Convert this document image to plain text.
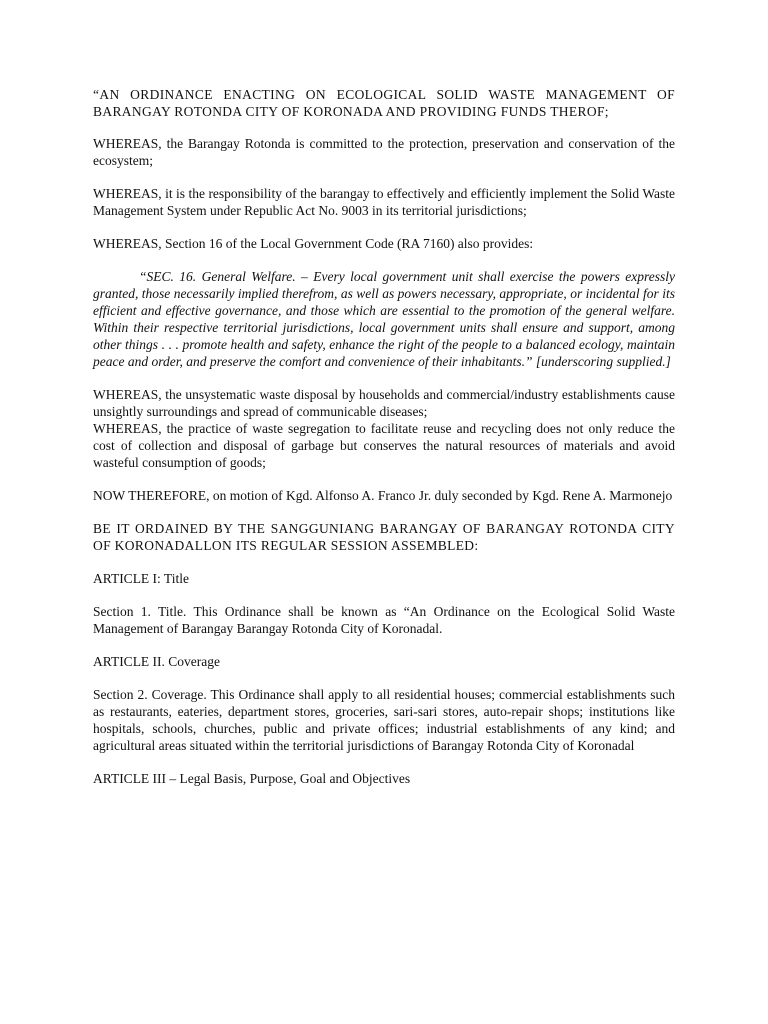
“AN ORDINANCE ENACTING ON ECOLOGICAL SOLID WASTE MANAGEMENT OF BARANGAY ROTONDA CITY OF KORONADA AND PROVIDING FUNDS THEROF;

WHEREAS, the Barangay Rotonda is committed to the protection, preservation and conservation of the ecosystem;

WHEREAS, it is the responsibility of the barangay to effectively and efficiently implement the Solid Waste Management System under Republic Act No. 9003 in its territorial jurisdictions;

WHEREAS, Section 16 of the Local Government Code (RA 7160) also provides:

“SEC. 16. General Welfare. – Every local government unit shall exercise the powers expressly granted, those necessarily implied therefrom, as well as powers necessary, appropriate, or incidental for its efficient and effective governance, and those which are essential to the promotion of the general welfare. Within their respective territorial jurisdictions, local government units shall ensure and support, among other things . . . promote health and safety, enhance the right of the people to a balanced ecology, maintain peace and order, and preserve the comfort and convenience of their inhabitants.” [underscoring supplied.]

WHEREAS, the unsystematic waste disposal by households and commercial/industry establishments cause unsightly surroundings and spread of communicable diseases;

WHEREAS, the practice of waste segregation to facilitate reuse and recycling does not only reduce the cost of collection and disposal of garbage but conserves the natural resources of materials and avoid wasteful consumption of goods;

NOW THEREFORE, on motion of Kgd. Alfonso A. Franco Jr. duly seconded by Kgd. Rene A. Marmonejo

BE IT ORDAINED BY THE SANGGUNIANG BARANGAY OF BARANGAY ROTONDA CITY OF KORONADALLON ITS REGULAR SESSION ASSEMBLED:

ARTICLE I: Title

Section 1. Title. This Ordinance shall be known as “An Ordinance on the Ecological Solid Waste Management of Barangay Barangay Rotonda City of Koronadal.

ARTICLE II. Coverage

Section 2. Coverage. This Ordinance shall apply to all residential houses; commercial establishments such as restaurants, eateries, department stores, groceries, sari-sari stores, auto-repair shops; institutions like hospitals, schools, churches, public and private offices; industrial establishments of any kind; and agricultural areas situated within the territorial jurisdictions of Barangay Rotonda City of Koronadal

ARTICLE III – Legal Basis, Purpose, Goal and Objectives
